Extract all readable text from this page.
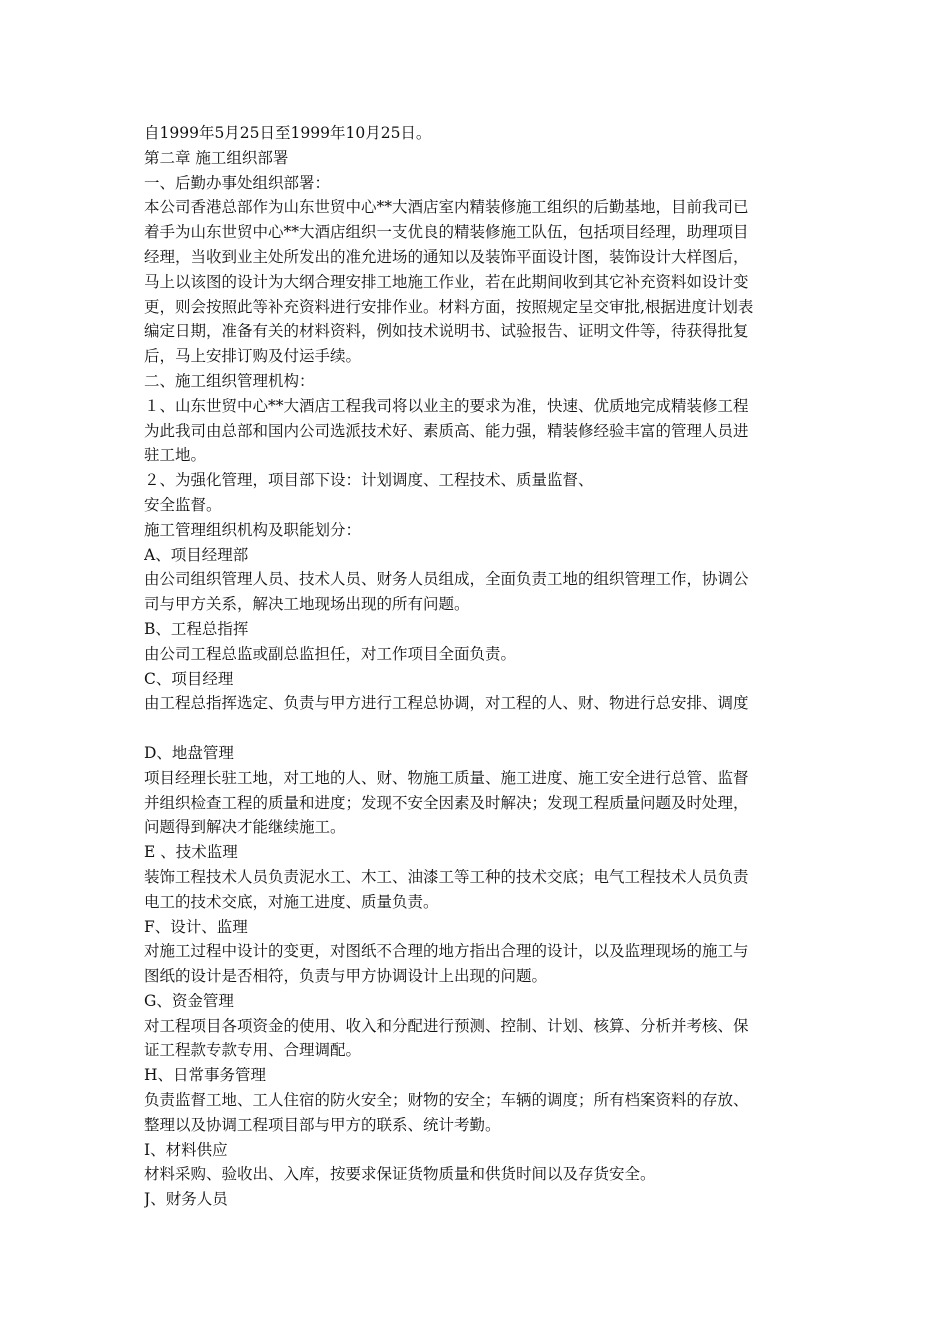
自1999年5月25日至1999年10月25日。
第二章 施工组织部署
一、后勤办事处组织部署：
本公司香港总部作为山东世贸中心**大酒店室内精装修施工组织的后勤基地，目前我司已
着手为山东世贸中心**大酒店组织一支优良的精装修施工队伍，包括项目经理，助理项目
经理，当收到业主处所发出的准允进场的通知以及装饰平面设计图，装饰设计大样图后，
马上以该图的设计为大纲合理安排工地施工作业，若在此期间收到其它补充资料如设计变
更，则会按照此等补充资料进行安排作业。材料方面，按照规定呈交审批,根据进度计划表
编定日期，准备有关的材料资料，例如技术说明书、试验报告、证明文件等，待获得批复
后，马上安排订购及付运手续。
二、施工组织管理机构：
１、山东世贸中心**大酒店工程我司将以业主的要求为准，快速、优质地完成精装修工程
为此我司由总部和国内公司选派技术好、素质高、能力强，精装修经验丰富的管理人员进
驻工地。
２、为强化管理，项目部下设：计划调度、工程技术、质量监督、
安全监督。
施工管理组织机构及职能划分：
A、项目经理部
由公司组织管理人员、技术人员、财务人员组成，全面负责工地的组织管理工作，协调公
司与甲方关系，解决工地现场出现的所有问题。
B、工程总指挥
由公司工程总监或副总监担任，对工作项目全面负责。
C、项目经理
由工程总指挥选定、负责与甲方进行工程总协调，对工程的人、财、物进行总安排、调度
D、地盘管理
项目经理长驻工地，对工地的人、财、物施工质量、施工进度、施工安全进行总管、监督
并组织检查工程的质量和进度；发现不安全因素及时解决；发现工程质量问题及时处理，
问题得到解决才能继续施工。
E 、技术监理
装饰工程技术人员负责泥水工、木工、油漆工等工种的技术交底；电气工程技术人员负责
电工的技术交底，对施工进度、质量负责。
F、设计、监理
对施工过程中设计的变更，对图纸不合理的地方指出合理的设计，以及监理现场的施工与
图纸的设计是否相符，负责与甲方协调设计上出现的问题。
G、资金管理
对工程项目各项资金的使用、收入和分配进行预测、控制、计划、核算、分析并考核、保
证工程款专款专用、合理调配。
H、日常事务管理
负责监督工地、工人住宿的防火安全；财物的安全；车辆的调度；所有档案资料的存放、
整理以及协调工程项目部与甲方的联系、统计考勤。
I、材料供应
材料采购、验收出、入库，按要求保证货物质量和供货时间以及存货安全。
J、财务人员
